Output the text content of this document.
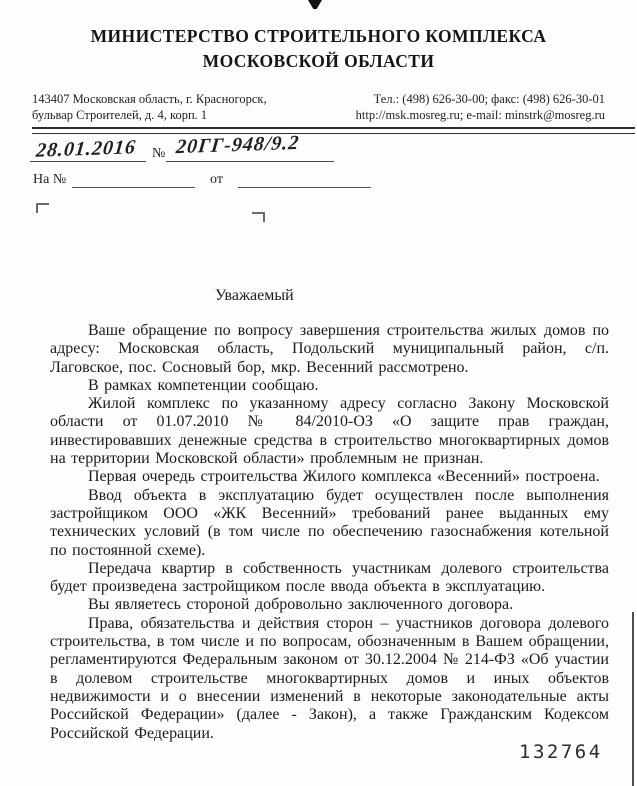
МИНИСТЕРСТВО СТРОИТЕЛЬНОГО КОМПЛЕКСА
МОСКОВСКОЙ ОБЛАСТИ
143407 Московская область, г. Красногорск,
бульвар Строителей, д. 4, корп. 1
Тел.: (498) 626-30-00; факс: (498) 626-30-01
http://msk.mosreg.ru; e-mail: minstrk@mosreg.ru
28.01.2016 № 20ГГ-948/9.2
На №	от
Уважаемый

Ваше обращение по вопросу завершения строительства жилых домов по адресу: Московская область, Подольский муниципальный район, с/п. Лаговское, пос. Сосновый бор, мкр. Весенний рассмотрено.

В рамках компетенции сообщаю.

Жилой комплекс по указанному адресу согласно Закону Московской области от 01.07.2010 № 84/2010-ОЗ «О защите прав граждан, инвестировавших денежные средства в строительство многоквартирных домов на территории Московской области» проблемным не признан.

Первая очередь строительства Жилого комплекса «Весенний» построена.

Ввод объекта в эксплуатацию будет осуществлен после выполнения застройщиком ООО «ЖК Весенний» требований ранее выданных ему технических условий (в том числе по обеспечению газоснабжения котельной по постоянной схеме).

Передача квартир в собственность участникам долевого строительства будет произведена застройщиком после ввода объекта в эксплуатацию.

Вы являетесь стороной добровольно заключенного договора.

Права, обязательства и действия сторон – участников договора долевого строительства, в том числе и по вопросам, обозначенным в Вашем обращении, регламентируются Федеральным законом от 30.12.2004 № 214-ФЗ «Об участии в долевом строительстве многоквартирных домов и иных объектов недвижимости и о внесении изменений в некоторые законодательные акты Российской Федерации» (далее - Закон), а также Гражданским Кодексом Российской Федерации.

132764
